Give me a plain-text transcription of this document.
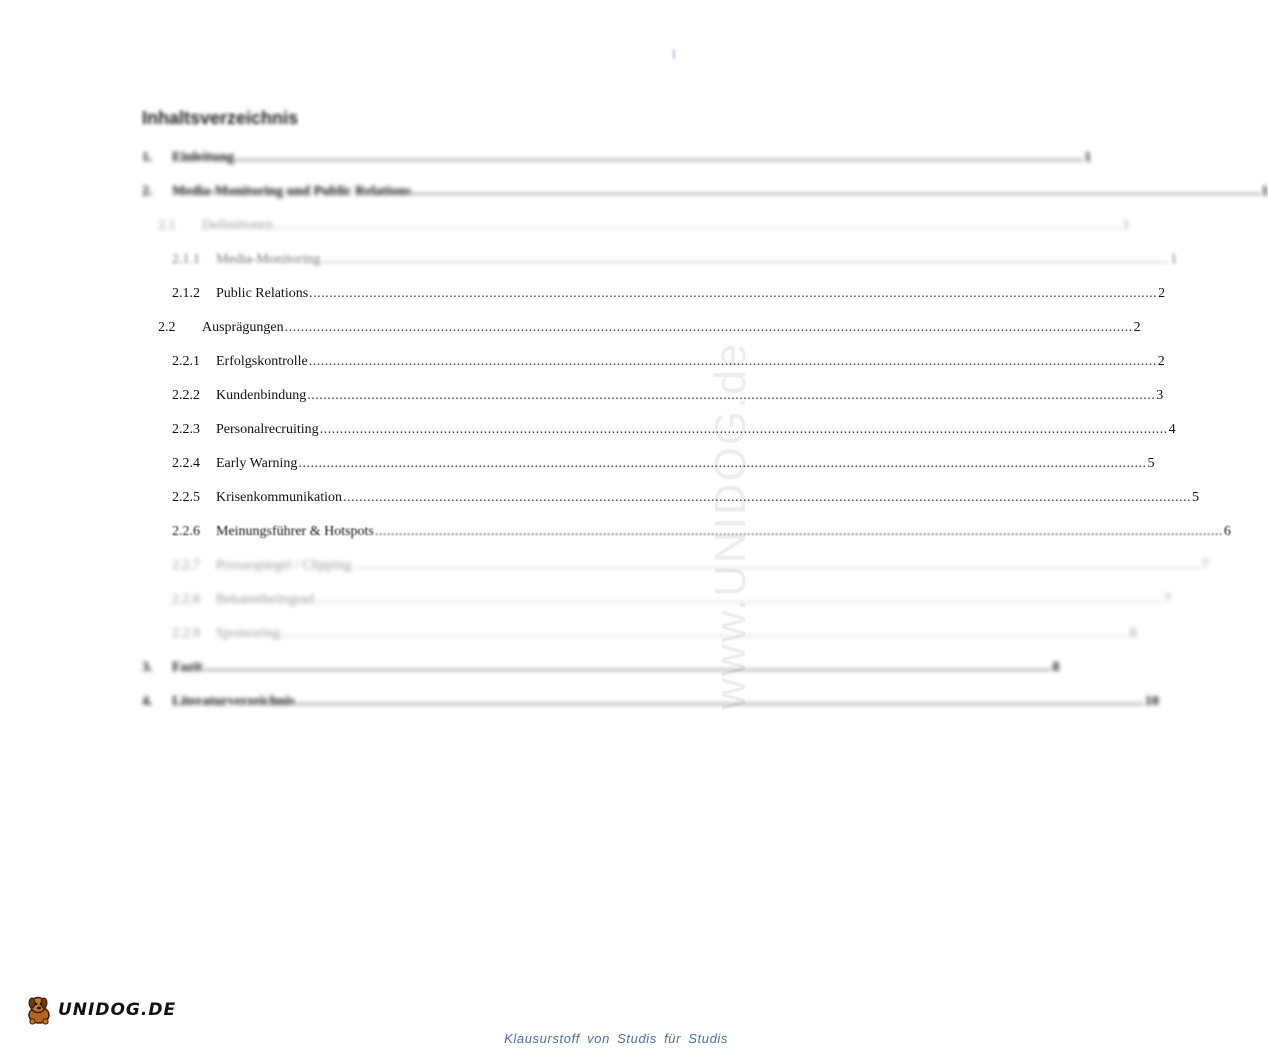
I
www.UNIDOG.de
Inhaltsverzeichnis
1.	Einleitung .....	1
2.	Media-Monitoring und Public Relations .....	1
2.1	Definitionen .....	1
2.1.1	Media-Monitoring .....	1
2.1.2	Public Relations .....	2
2.2	Ausprägungen .....	2
2.2.1	Erfolgskontrolle .....	2
2.2.2	Kundenbindung .....	3
2.2.3	Personalrecruiting .....	4
2.2.4	Early Warning .....	5
2.2.5	Krisenkommunikation .....	5
2.2.6	Meinungsführer & Hotspots .....	6
2.2.7	Pressespiegel / Clipping .....	7
2.2.8	Bekanntheitsgrad .....	7
2.2.9	Sponsoring .....	8
3.	Fazit .....	8
4.	Literaturverzeichnis .....	10
UNIDOG.DE
Klausurstoff von Studis für Studis
